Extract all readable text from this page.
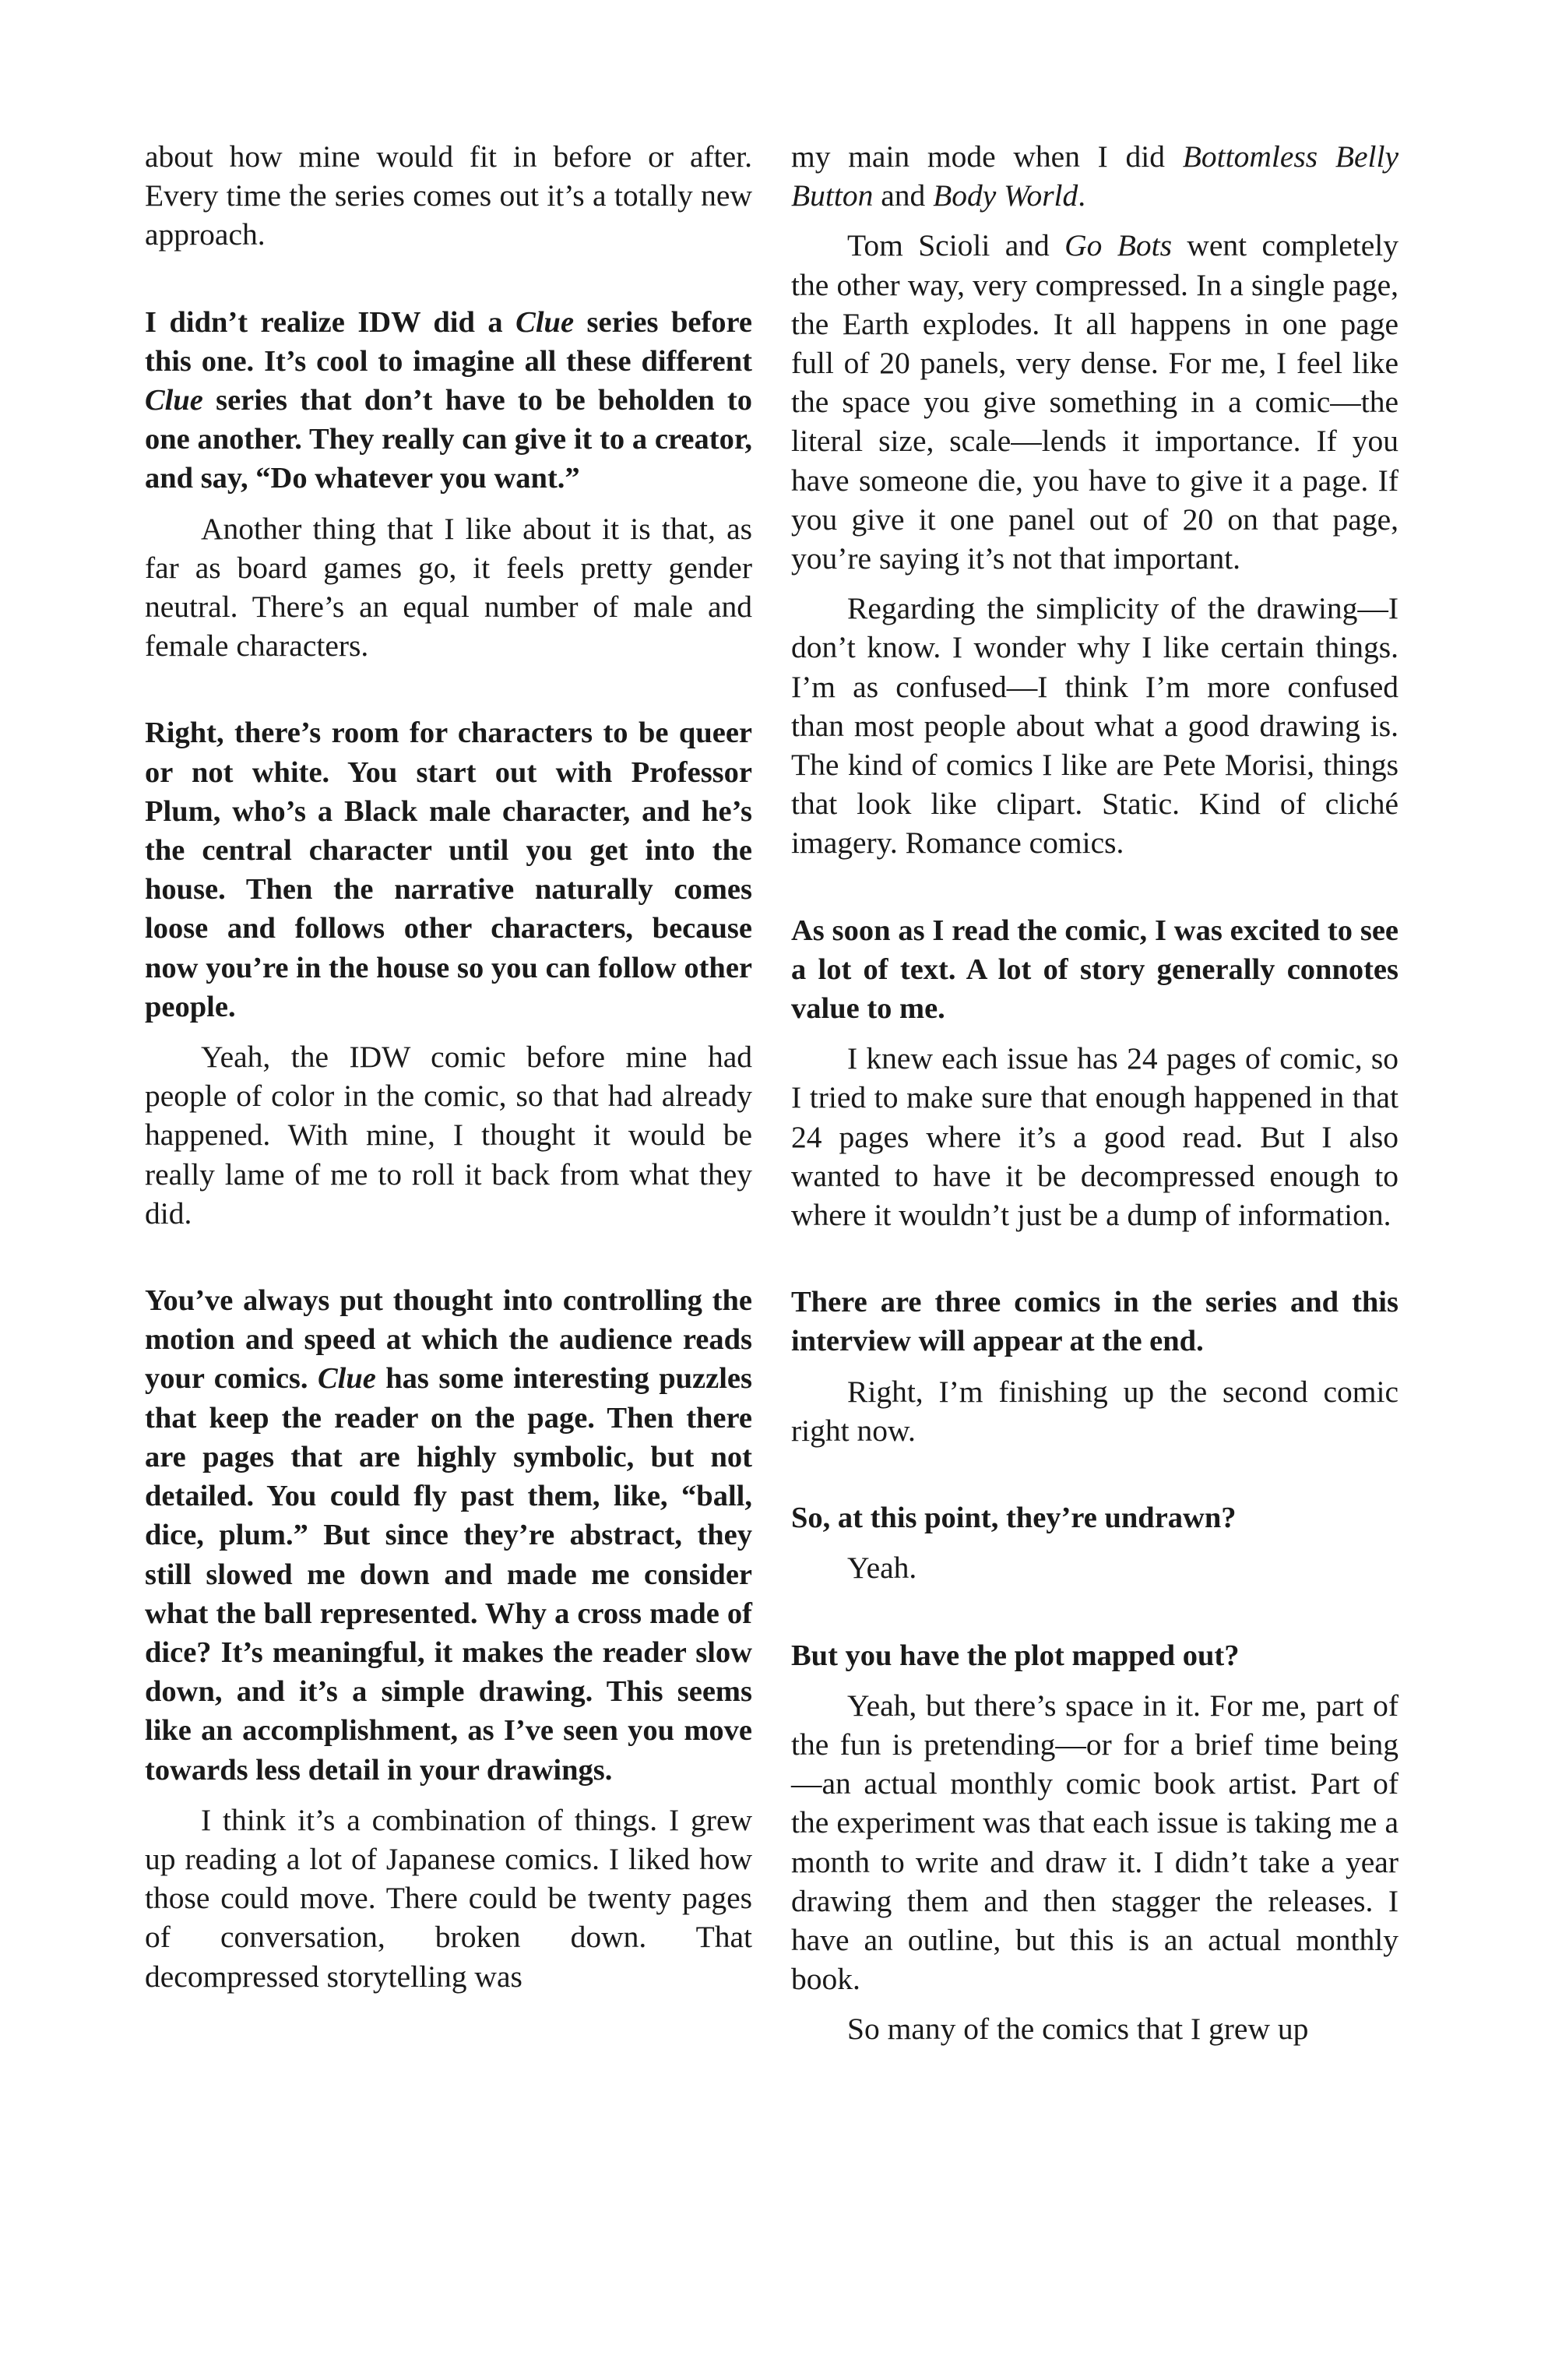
about how mine would fit in before or after. Every time the series comes out it’s a totally new approach.

I didn’t realize IDW did a Clue series before this one. It’s cool to imagine all these different Clue series that don’t have to be beholden to one another. They really can give it to a creator, and say, “Do whatever you want.”

Another thing that I like about it is that, as far as board games go, it feels pretty gender neutral. There’s an equal number of male and female characters.

Right, there’s room for characters to be queer or not white. You start out with Professor Plum, who’s a Black male character, and he’s the central character until you get into the house. Then the narrative naturally comes loose and follows other characters, because now you’re in the house so you can follow other people.

Yeah, the IDW comic before mine had people of color in the comic, so that had already happened. With mine, I thought it would be really lame of me to roll it back from what they did.

You’ve always put thought into controlling the motion and speed at which the audience reads your comics. Clue has some interesting puzzles that keep the reader on the page. Then there are pages that are highly symbolic, but not detailed. You could fly past them, like, “ball, dice, plum.” But since they’re abstract, they still slowed me down and made me consider what the ball represented. Why a cross made of dice? It’s meaningful, it makes the reader slow down, and it’s a simple drawing. This seems like an accomplishment, as I’ve seen you move towards less detail in your drawings.

I think it’s a combination of things. I grew up reading a lot of Japanese comics. I liked how those could move. There could be twenty pages of conversation, broken down. That decompressed storytelling was

my main mode when I did Bottomless Belly Button and Body World.

Tom Scioli and Go Bots went completely the other way, very compressed. In a single page, the Earth explodes. It all happens in one page full of 20 panels, very dense. For me, I feel like the space you give something in a comic—the literal size, scale—lends it importance. If you have someone die, you have to give it a page. If you give it one panel out of 20 on that page, you’re saying it’s not that important.

Regarding the simplicity of the drawing—I don’t know. I wonder why I like certain things. I’m as confused—I think I’m more confused than most people about what a good drawing is. The kind of comics I like are Pete Morisi, things that look like clipart. Static. Kind of cliché imagery. Romance comics.

As soon as I read the comic, I was excited to see a lot of text. A lot of story generally connotes value to me.

I knew each issue has 24 pages of comic, so I tried to make sure that enough happened in that 24 pages where it’s a good read. But I also wanted to have it be decompressed enough to where it wouldn’t just be a dump of information.

There are three comics in the series and this interview will appear at the end.

Right, I’m finishing up the second comic right now.

So, at this point, they’re undrawn?

Yeah.

But you have the plot mapped out?

Yeah, but there’s space in it. For me, part of the fun is pretending—or for a brief time being—an actual monthly comic book artist. Part of the experiment was that each issue is taking me a month to write and draw it. I didn’t take a year drawing them and then stagger the releases. I have an outline, but this is an actual monthly book.

So many of the comics that I grew up
